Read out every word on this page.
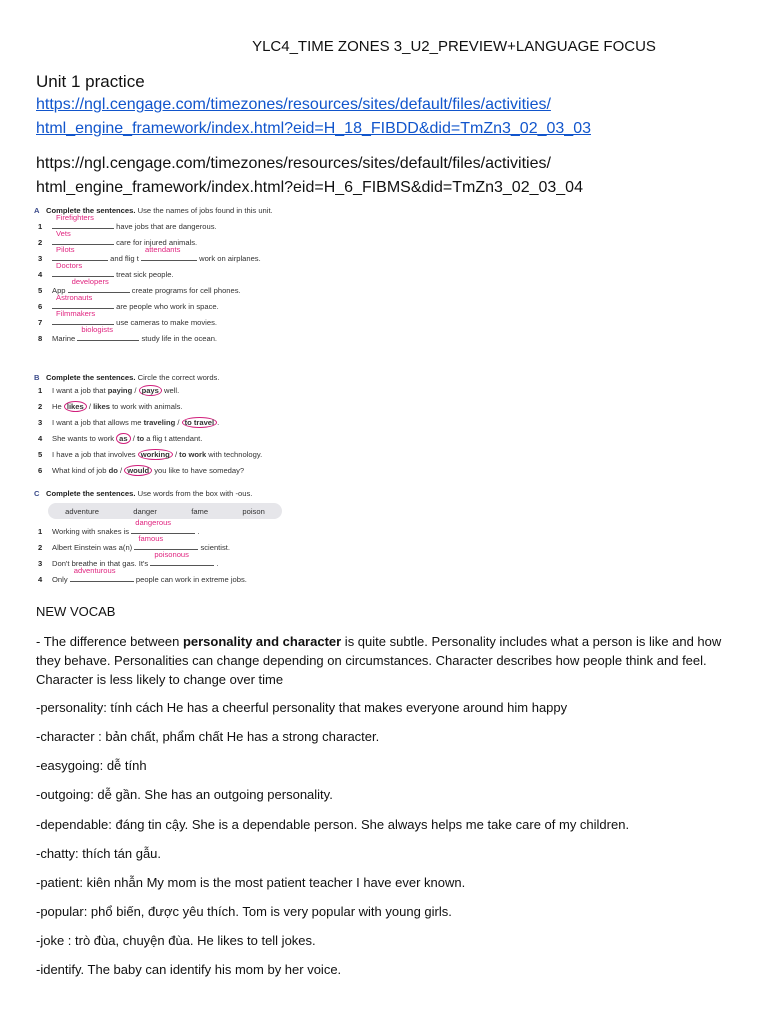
YLC4_TIME ZONES 3_U2_PREVIEW+LANGUAGE FOCUS
Unit 1 practice
https://ngl.cengage.com/timezones/resources/sites/default/files/activities/
html_engine_framework/index.html?eid=H_18_FIBDD&did=TmZn3_02_03_03
https://ngl.cengage.com/timezones/resources/sites/default/files/activities/
html_engine_framework/index.html?eid=H_6_FIBMS&did=TmZn3_02_03_04
A Complete the sentences. Use the names of jobs found in this unit.
1
Firefighters
have jobs that are dangerous.
2
Vets
care for injured animals.
3
Pilots
and flig t
attendants
work on airplanes.
4
Doctors
treat sick people.
5 App
developers
create programs for cell phones.
6
Astronauts
are people who work in space.
7
Filmmakers
use cameras to make movies.
8 Marine
biologists
study life in the ocean.
B Complete the sentences. Circle the correct words.
1 I want a job that paying / pays well.
2 He likes / likes to work with animals.
3 I want a job that allows me traveling / to travel .
4 She wants to work as / to a flig t attendant.
5 I have a job that involves working / to work with technology.
6 What kind of job do / would you like to have someday?
C Complete the sentences. Use words from the box with -ous.
adventure	danger	fame	poison
1 Working with snakes is
dangerous
.
2 Albert Einstein was a(n)
famous
scientist.
3 Don't breathe in that gas. It's
poisonous
.
4 Only
adventurous
people can work in extreme jobs.
NEW VOCAB
- The difference between personality and character is quite subtle. Personality includes what a person is like and how they behave. Personalities can change depending on circumstances. Character describes how people think and feel. Character is less likely to change over time
-personality: tính cách He has a cheerful personality that makes everyone around him happy
-character : bản chất, phẩm chất He has a strong character.
-easygoing: dễ tính
-outgoing: dễ gần. She has an outgoing personality.
-dependable: đáng tin cậy. She is a dependable person. She always helps me take care of my children.
-chatty: thích tán gẫu.
-patient: kiên nhẫn My mom is the most patient teacher I have ever known.
-popular: phổ biến, được yêu thích. Tom is very popular with young girls.
-joke : trò đùa, chuyện đùa. He likes to tell jokes.
-identify. The baby can identify his mom by her voice.
